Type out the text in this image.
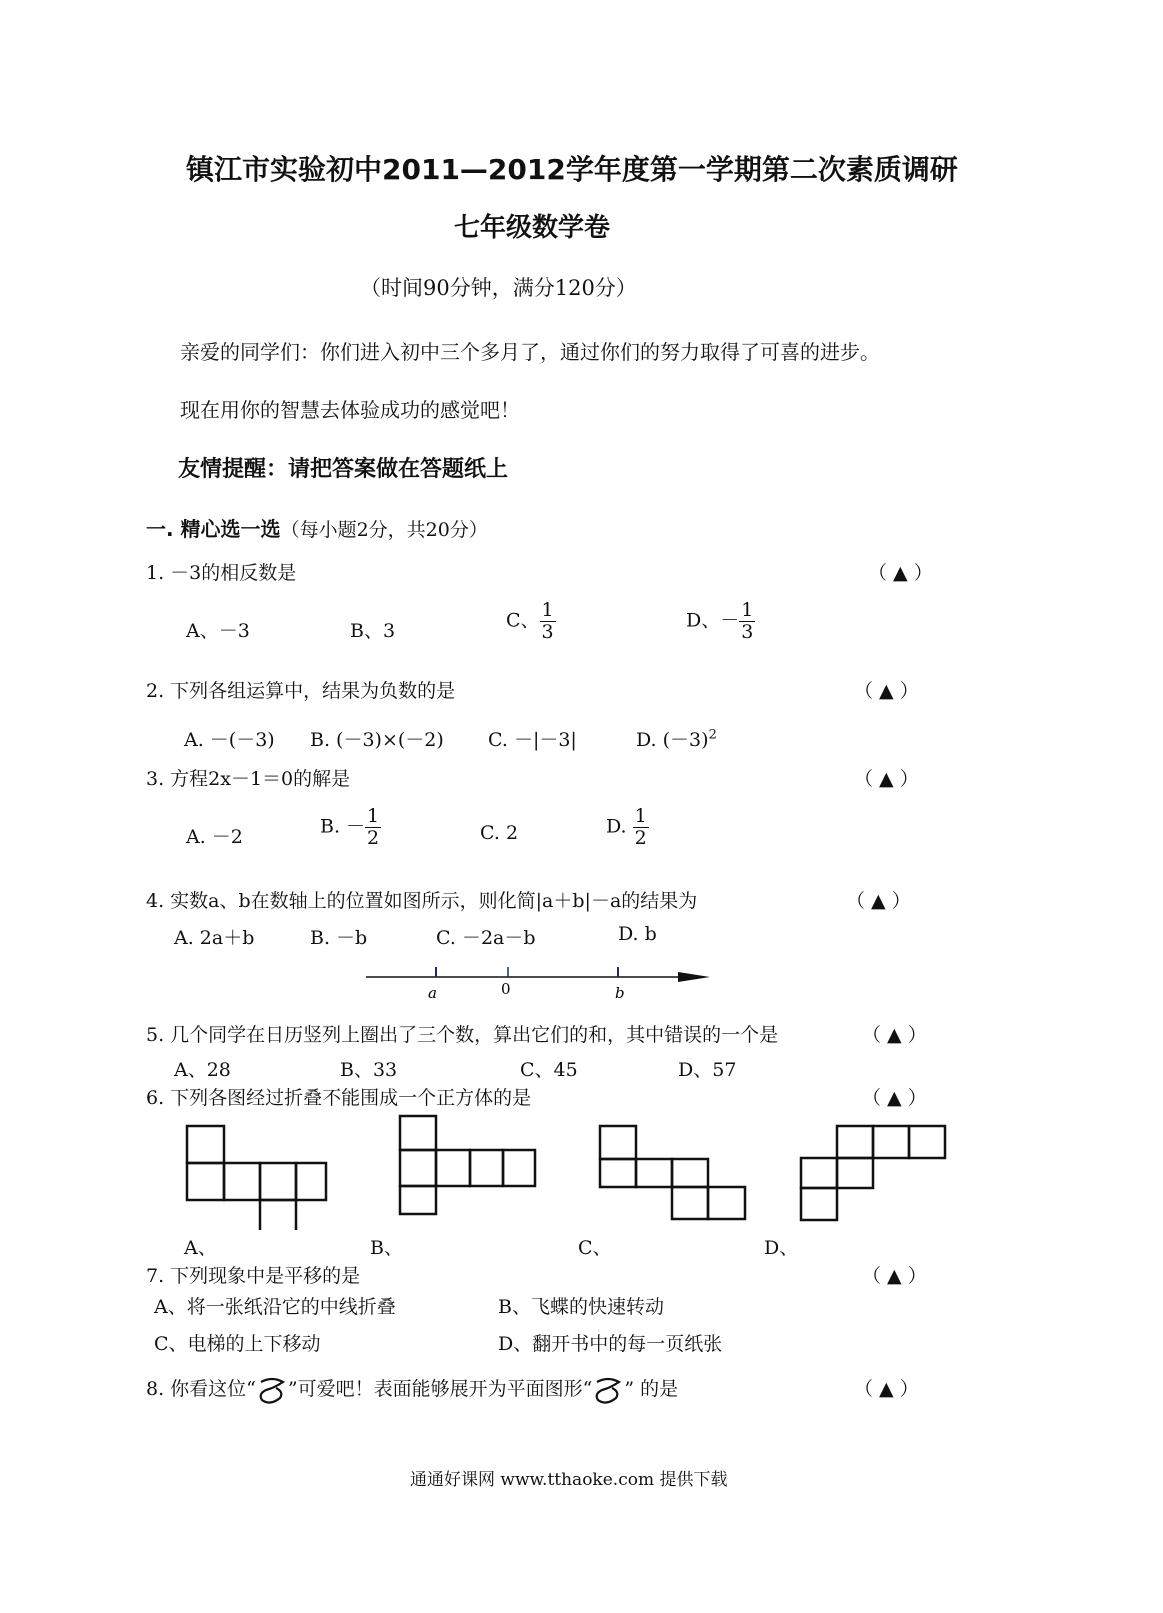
镇江市实验初中2011—2012学年度第一学期第二次素质调研
七年级数学卷
（时间90分钟，满分120分）
亲爱的同学们：你们进入初中三个多月了，通过你们的努力取得了可喜的进步。
现在用你的智慧去体验成功的感觉吧！
友情提醒：请把答案做在答题纸上
一. 精心选一选（每小题2分，共20分）
1. －3的相反数是	（ ▲ ）
A、－3	B、3	C、 $\frac{1}{3}$	D、－ $\frac{1}{3}$
2. 下列各组运算中，结果为负数的是	（ ▲ ）
A. －(－3) B. (－3)×(－2) C. －|－3|	D. $(-3)^2$
3. 方程2x－1＝0的解是	（ ▲ ）
A. －2	B. － $\frac{1}{2}$	C. 2	D. $\frac{1}{2}$
4. 实数a、b在数轴上的位置如图所示，则化简|a＋b|－a的结果为	（ ▲ ）
A. 2a＋b	B. －b	C. －2a－b	D. b
a	0	b
5. 几个同学在日历竖列上圈出了三个数，算出它们的和，其中错误的一个是	（ ▲ ）
A、28	B、33	C、45	D、57
6. 下列各图经过折叠不能围成一个正方体的是	（ ▲ ）
A、	B、	C、	D、
7. 下列现象中是平移的是	（ ▲ ）
A、将一张纸沿它的中线折叠	B、飞蝶的快速转动
C、电梯的上下移动	D、翻开书中的每一页纸张
8. 你看这位“ ”可爱吧！表面能够展开为平面图形“ ” 的是	（ ▲ ）
通通好课网 www.tthaoke.com 提供下载
